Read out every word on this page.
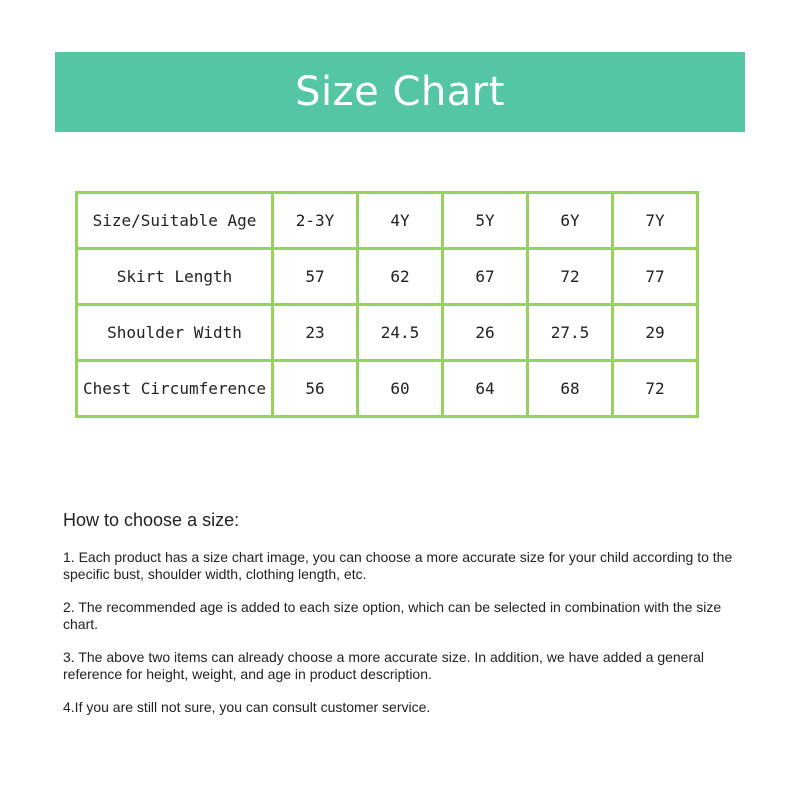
Size Chart
Size/Suitable Age	2-3Y	4Y	5Y	6Y	7Y
Skirt Length	57	62	67	72	77
Shoulder Width	23	24.5	26	27.5	29
Chest Circumference	56	60	64	68	72
How to choose a size:
1. Each product has a size chart image, you can choose a more accurate size for your child according to the specific bust, shoulder width, clothing length, etc.
2. The recommended age is added to each size option, which can be selected in combination with the size chart.
3. The above two items can already choose a more accurate size. In addition, we have added a general reference for height, weight, and age in product description.
4.If you are still not sure, you can consult customer service.
